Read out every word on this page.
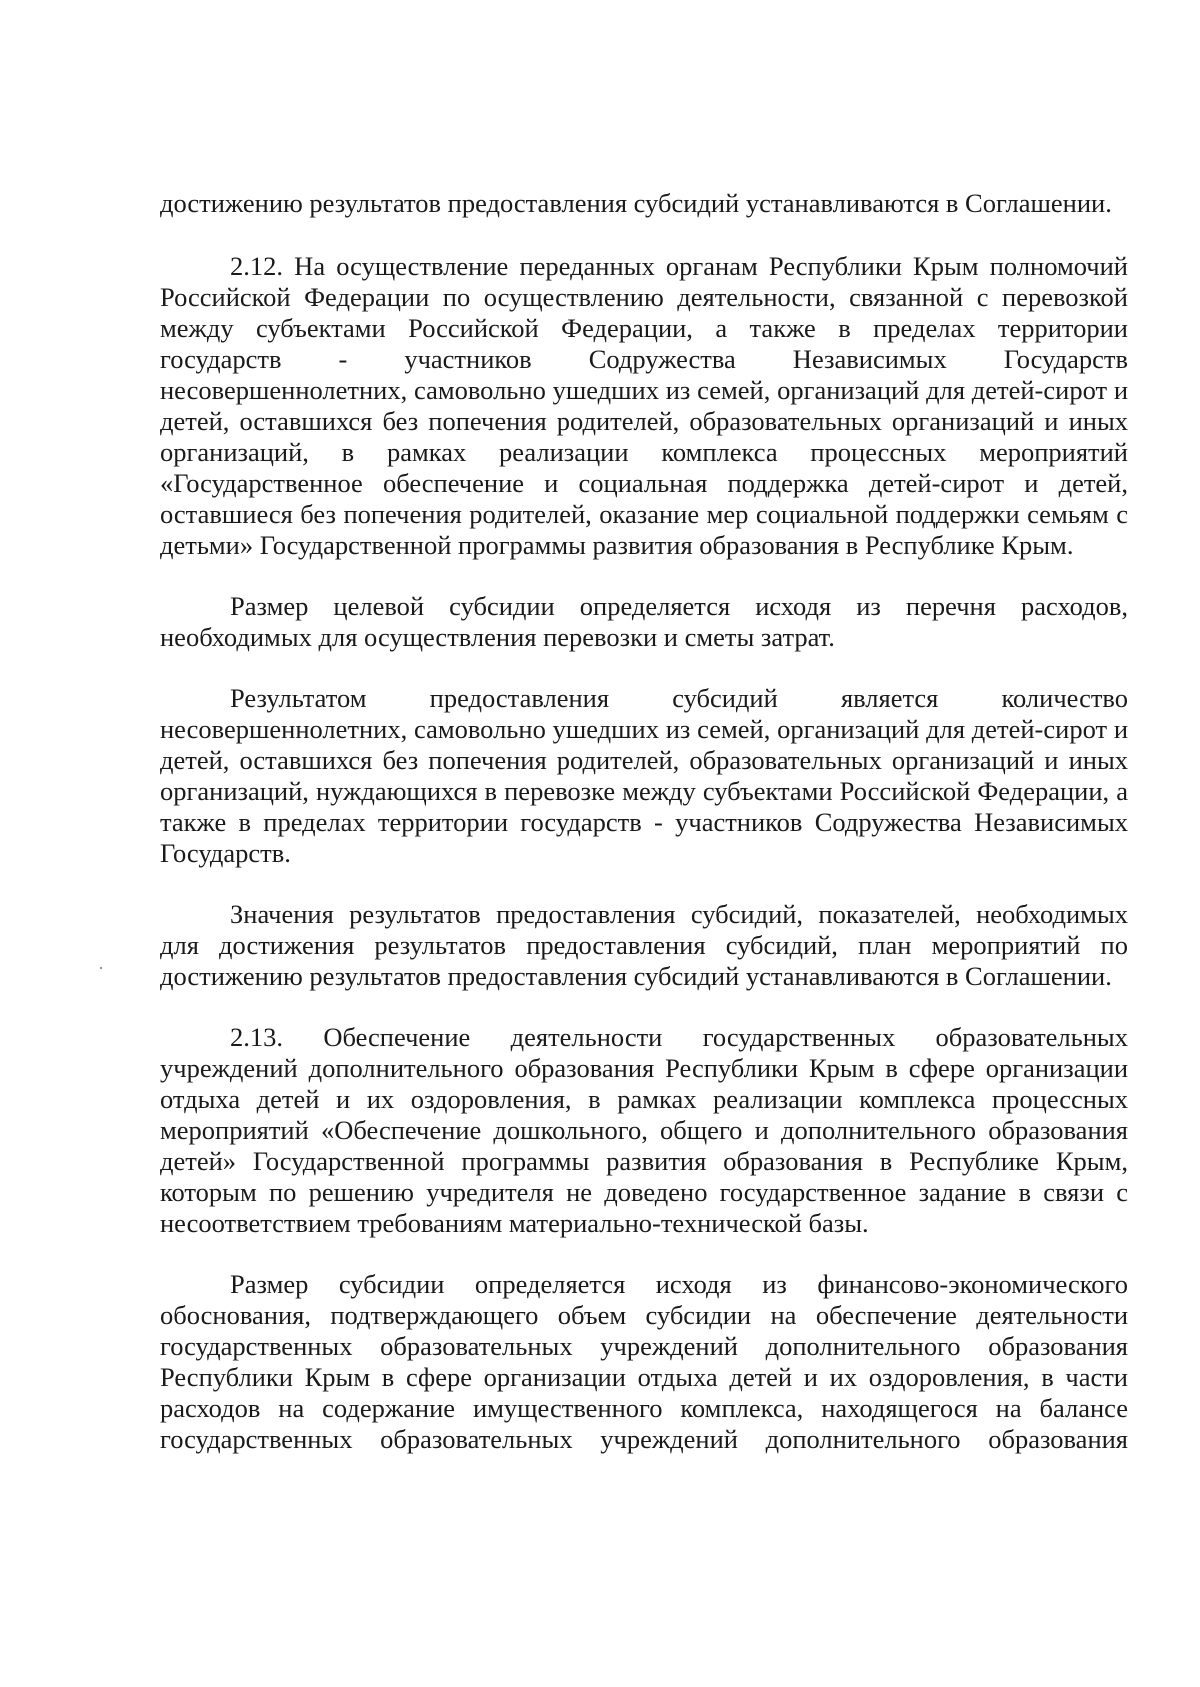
достижению результатов предоставления субсидий устанавливаются в Соглашении.

2.12. На осуществление переданных органам Республики Крым полномочий Российской Федерации по осуществлению деятельности, связанной с перевозкой между субъектами Российской Федерации, а также в пределах территории государств - участников Содружества Независимых Государств несовершеннолетних, самовольно ушедших из семей, организаций для детей-сирот и детей, оставшихся без попечения родителей, образовательных организаций и иных организаций, в рамках реализации комплекса процессных мероприятий «Государственное обеспечение и социальная поддержка детей-сирот и детей, оставшиеся без попечения родителей, оказание мер социальной поддержки семьям с детьми» Государственной программы развития образования в Республике Крым.

Размер целевой субсидии определяется исходя из перечня расходов, необходимых для осуществления перевозки и сметы затрат.

Результатом предоставления субсидий является количество несовершеннолетних, самовольно ушедших из семей, организаций для детей-сирот и детей, оставшихся без попечения родителей, образовательных организаций и иных организаций, нуждающихся в перевозке между субъектами Российской Федерации, а также в пределах территории государств - участников Содружества Независимых Государств.

Значения результатов предоставления субсидий, показателей, необходимых для достижения результатов предоставления субсидий, план мероприятий по достижению результатов предоставления субсидий устанавливаются в Соглашении.

2.13. Обеспечение деятельности государственных образовательных учреждений дополнительного образования Республики Крым в сфере организации отдыха детей и их оздоровления, в рамках реализации комплекса процессных мероприятий «Обеспечение дошкольного, общего и дополнительного образования детей» Государственной программы развития образования в Республике Крым, которым по решению учредителя не доведено государственное задание в связи с несоответствием требованиям материально-технической базы.

Размер субсидии определяется исходя из финансово-экономического обоснования, подтверждающего объем субсидии на обеспечение деятельности государственных образовательных учреждений дополнительного образования Республики Крым в сфере организации отдыха детей и их оздоровления, в части расходов на содержание имущественного комплекса, находящегося на балансе государственных образовательных учреждений дополнительного образования
